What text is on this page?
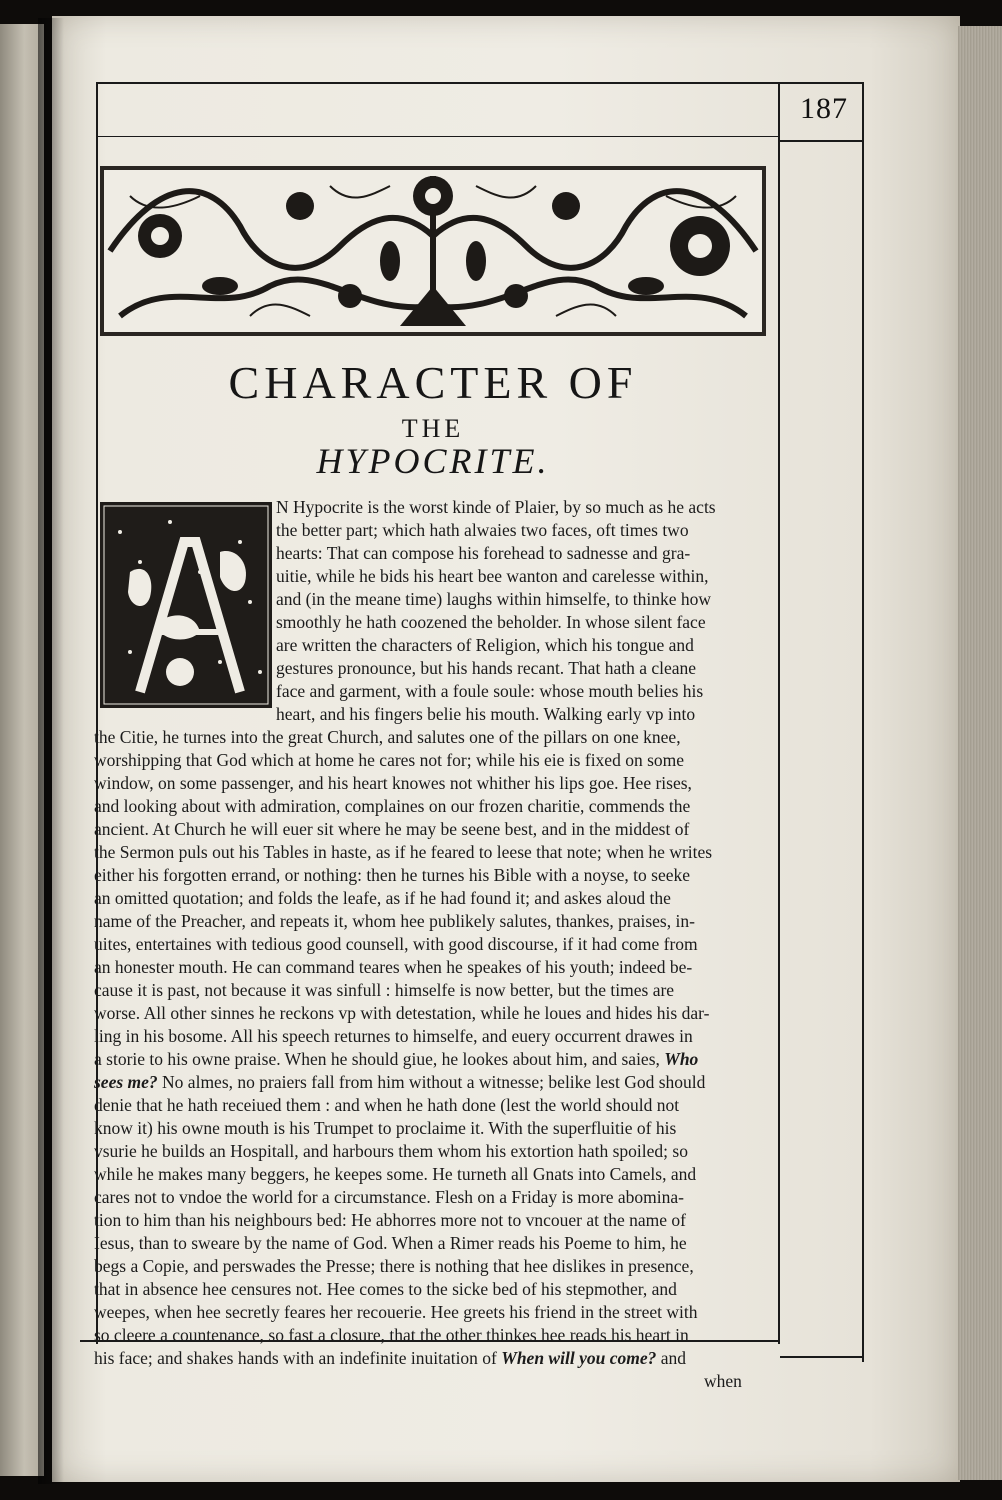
187
CHARACTER OF
THE
HYPOCRITE.
N Hypocrite is the worst kinde of Plaier, by so much as he acts
the better part; which hath alwaies two faces, oft times two
hearts: That can compose his forehead to sadnesse and gra-
uitie, while he bids his heart bee wanton and carelesse within,
and (in the meane time) laughs within himselfe, to thinke how
smoothly he hath coozened the beholder. In whose silent face
are written the characters of Religion, which his tongue and
gestures pronounce, but his hands recant. That hath a cleane
face and garment, with a foule soule: whose mouth belies his
heart, and his fingers belie his mouth. Walking early vp into
the Citie, he turnes into the great Church, and salutes one of the pillars on one knee,
worshipping that God which at home he cares not for; while his eie is fixed on some
window, on some passenger, and his heart knowes not whither his lips goe. Hee rises,
and looking about with admiration, complaines on our frozen charitie, commends the
ancient. At Church he will euer sit where he may be seene best, and in the middest of
the Sermon puls out his Tables in haste, as if he feared to leese that note; when he writes
either his forgotten errand, or nothing: then he turnes his Bible with a noyse, to seeke
an omitted quotation; and folds the leafe, as if he had found it; and askes aloud the
name of the Preacher, and repeats it, whom hee publikely salutes, thankes, praises, in-
uites, entertaines with tedious good counsell, with good discourse, if it had come from
an honester mouth. He can command teares when he speakes of his youth; indeed be-
cause it is past, not because it was sinfull : himselfe is now better, but the times are
worse. All other sinnes he reckons vp with detestation, while he loues and hides his dar-
ling in his bosome. All his speech returnes to himselfe, and euery occurrent drawes in
a storie to his owne praise. When he should giue, he lookes about him, and saies, Who
sees me? No almes, no praiers fall from him without a witnesse; belike lest God should
denie that he hath receiued them : and when he hath done (lest the world should not
know it) his owne mouth is his Trumpet to proclaime it. With the superfluitie of his
vsurie he builds an Hospitall, and harbours them whom his extortion hath spoiled; so
while he makes many beggers, he keepes some. He turneth all Gnats into Camels, and
cares not to vndoe the world for a circumstance. Flesh on a Friday is more abomina-
tion to him than his neighbours bed: He abhorres more not to vncouer at the name of
Iesus, than to sweare by the name of God. When a Rimer reads his Poeme to him, he
begs a Copie, and perswades the Presse; there is nothing that hee dislikes in presence,
that in absence hee censures not. Hee comes to the sicke bed of his stepmother, and
weepes, when hee secretly feares her recouerie. Hee greets his friend in the street with
so cleere a countenance, so fast a closure, that the other thinkes hee reads his heart in
his face; and shakes hands with an indefinite inuitation of When will you come? and
when
